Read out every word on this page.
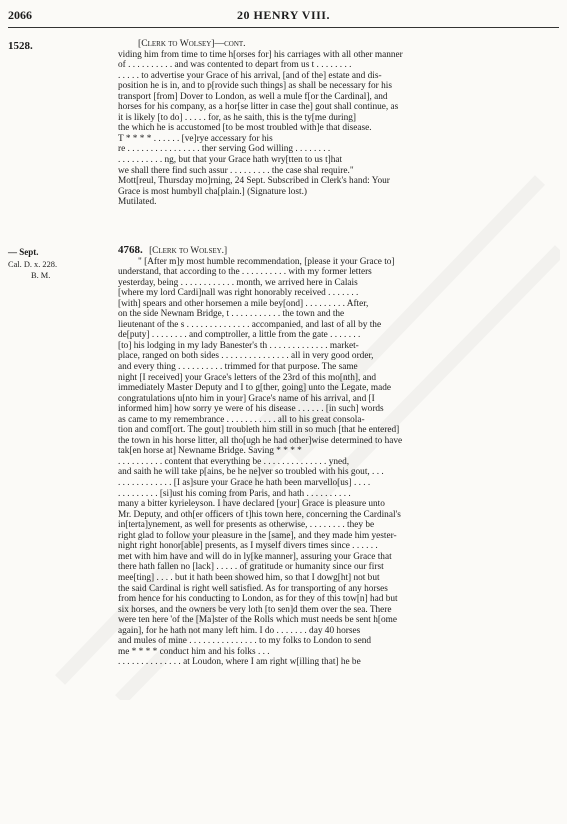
2066	20 HENRY VIII.
1528.	[Clerk to Wolsey]—cont.

viding him from time to time h[orses for] his carriages with all other manner

of . . . . . . . . . . and was contented to depart from us t . . . . . . . .

. . . . . to advertise your Grace of his arrival, [and of the] estate and dis-

position he is in, and to p[rovide such things] as shall be necessary for his

transport [from] Dover to London, as well a mule f[or the Cardinal], and

horses for his company, as a hor[se litter in case the] gout shall continue, as

it is likely [to do] . . . . . for, as he saith, this is the ty[me during]

the which he is accustomed [to be most troubled with]e that disease.

T * * * * . . . . . . [ve]rye accessary for his

re . . . . . . . . . . . . . . . . ther serving God willing . . . . . . . .

. . . . . . . . . . ng, but that your Grace hath wry[tten to us t]hat

we shall there find such assur . . . . . . . . . the case shal require."

Mott[reul, Thursday mo]rning, 24 Sept. Subscribed in Clerk's hand: Your

Grace is most humbyll cha[plain.] (Signature lost.)

Mutilated.

— Sept.
Cal. D. x. 228.
B. M.

4768. [Clerk to Wolsey.]

" [After m]y most humble recommendation, [please it your Grace to]

understand, that according to the . . . . . . . . . . with my former letters

yesterday, being . . . . . . . . . . . . month, we arrived here in Calais

[where my lord Cardi]nall was right honorably received . . . . . . .

[with] spears and other horsemen a mile bey[ond] . . . . . . . . . After,

on the side Newnam Bridge, t . . . . . . . . . . . the town and the

lieutenant of the s . . . . . . . . . . . . . . accompanied, and last of all by the

de[puty] . . . . . . . . and comptroller, a little from the gate . . . . . . .

[to] his lodging in my lady Banester's th . . . . . . . . . . . . . market-

place, ranged on both sides . . . . . . . . . . . . . . . all in very good order,

and every thing . . . . . . . . . . trimmed for that purpose. The same

night [I received] your Grace's letters of the 23rd of this mo[nth], and

immediately Master Deputy and I to g[ther, going] unto the Legate, made

congratulations u[nto him in your] Grace's name of his arrival, and [I

informed him] how sorry ye were of his disease . . . . . . [in such] words

as came to my remembrance . . . . . . . . . . . all to his great consola-

tion and comf[ort. The gout] troubleth him still in so much [that he entered]

the town in his horse litter, all tho[ugh he had other]wise determined to have

tak[en horse at] Newname Bridge. Saving * * * *

. . . . . . . . . . content that everything be . . . . . . . . . . . . . . yned,

and saith he will take p[ains, be he ne]ver so troubled with his gout, . . .

. . . . . . . . . . . . [I as]sure your Grace he hath been marvello[us] . . . .

. . . . . . . . . [si]ust his coming from Paris, and hath . . . . . . . . . .

many a bitter kyrieleyson. I have declared [your] Grace is pleasure unto

Mr. Deputy, and oth[er officers of t]his town here, concerning the Cardinal's

in[terta]ynement, as well for presents as otherwise, . . . . . . . . they be

right glad to follow your pleasure in the [same], and they made him yester-

night right honor[able] presents, as I myself divers times since . . . . . .

met with him have and will do in ly[ke manner], assuring your Grace that

there hath fallen no [lack] . . . . . of gratitude or humanity since our first

mee[ting] . . . . but it hath been showed him, so that I dowg[ht] not but

the said Cardinal is right well satisfied. As for transporting of any horses

from hence for his conducting to London, as for they of this tow[n] had but

six horses, and the owners be very loth [to sen]d them over the sea. There

were ten here 'of the [Ma]ster of the Rolls which must needs be sent h[ome

again], for he hath not many left him. I do . . . . . . . day 40 horses

and mules of mine . . . . . . . . . . . . . . . to my folks to London to send

me * * * * conduct him and his folks . . .

. . . . . . . . . . . . . . at Loudon, where I am right w[illing that] he be
